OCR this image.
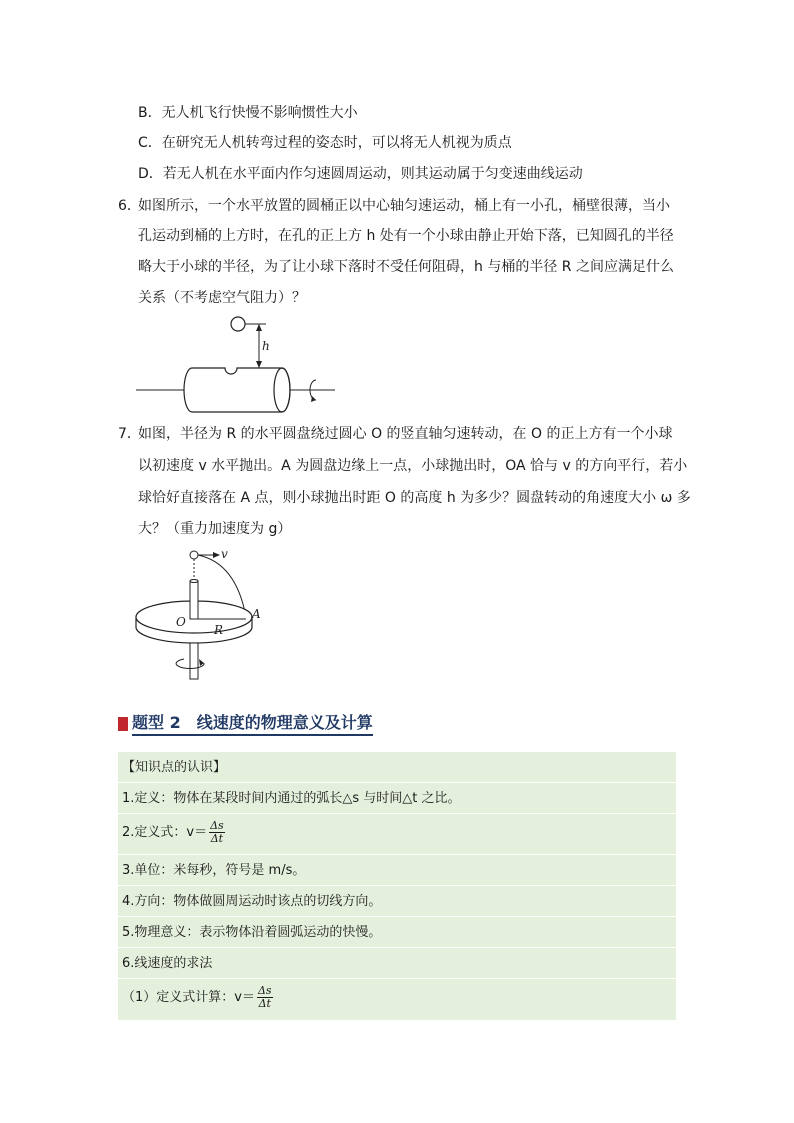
B．无人机飞行快慢不影响惯性大小
C．在研究无人机转弯过程的姿态时，可以将无人机视为质点
D．若无人机在水平面内作匀速圆周运动，则其运动属于匀变速曲线运动
6．
如图所示，一个水平放置的圆桶正以中心轴匀速运动，桶上有一小孔，桶壁很薄，当小
孔运动到桶的上方时，在孔的正上方 h 处有一个小球由静止开始下落，已知圆孔的半径
略大于小球的半径，为了让小球下落时不受任何阻碍，h 与桶的半径 R 之间应满足什么
关系（不考虑空气阻力）？
h
7．
如图，半径为 R 的水平圆盘绕过圆心 O 的竖直轴匀速转动，在 O 的正上方有一个小球
以初速度 v 水平抛出。A 为圆盘边缘上一点，小球抛出时，OA 恰与 v 的方向平行，若小
球恰好直接落在 A 点，则小球抛出时距 O 的高度 h 为多少？圆盘转动的角速度大小 ω 多
大？（重力加速度为 g）
v
O
R
A
题型 2　线速度的物理意义及计算
【知识点的认识】
1.定义：物体在某段时间内通过的弧长△s 与时间△t 之比。
2.定义式：$v= \frac{\Delta s}{\Delta t}$
3.单位：米每秒，符号是 m/s。
4.方向：物体做圆周运动时该点的切线方向。
5.物理意义：表示物体沿着圆弧运动的快慢。
6.线速度的求法
（1）定义式计算：$v= \frac{\Delta s}{\Delta t}$
